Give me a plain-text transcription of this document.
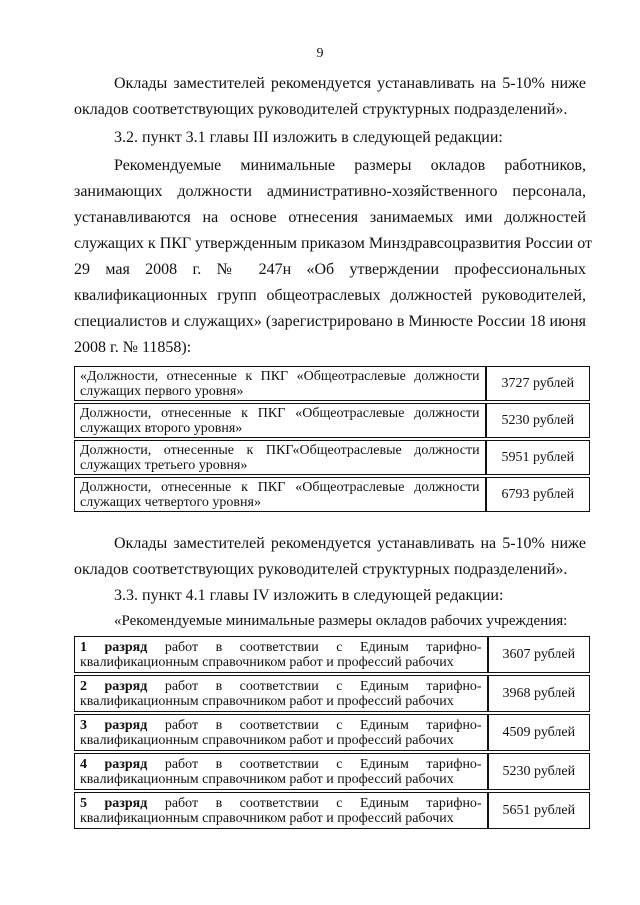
9
Оклады заместителей рекомендуется устанавливать на 5-10% ниже
окладов соответствующих руководителей структурных подразделений».
3.2. пункт 3.1 главы III изложить в следующей редакции:
Рекомендуемые минимальные размеры окладов работников,
занимающих должности административно-хозяйственного персонала,
устанавливаются на основе отнесения занимаемых ими должностей
служащих к ПКГ утвержденным приказом Минздравсоцразвития России от
29 мая 2008 г. № 247н «Об утверждении профессиональных
квалификационных групп общеотраслевых должностей руководителей,
специалистов и служащих» (зарегистрировано в Минюсте России 18 июня
2008 г. № 11858):
«Должности, отнесенные к ПКГ «Общеотраслевые должности
служащих первого уровня»	3727 рублей

Должности, отнесенные к ПКГ «Общеотраслевые должности
служащих второго уровня»	5230 рублей

Должности, отнесенные к ПКГ«Общеотраслевые должности
служащих третьего уровня»	5951 рублей

Должности, отнесенные к ПКГ «Общеотраслевые должности
служащих четвертого уровня»	6793 рублей
Оклады заместителей рекомендуется устанавливать на 5-10% ниже
окладов соответствующих руководителей структурных подразделений».
3.3. пункт 4.1 главы IV изложить в следующей редакции:
«Рекомендуемые минимальные размеры окладов рабочих учреждения:
1 разряд работ в соответствии с Единым тарифно-
квалификационным справочником работ и профессий рабочих	3607 рублей

2 разряд работ в соответствии с Единым тарифно-
квалификационным справочником работ и профессий рабочих	3968 рублей

3 разряд работ в соответствии с Единым тарифно-
квалификационным справочником работ и профессий рабочих	4509 рублей

4 разряд работ в соответствии с Единым тарифно-
квалификационным справочником работ и профессий рабочих	5230 рублей

5 разряд работ в соответствии с Единым тарифно-
квалификационным справочником работ и профессий рабочих	5651 рублей
